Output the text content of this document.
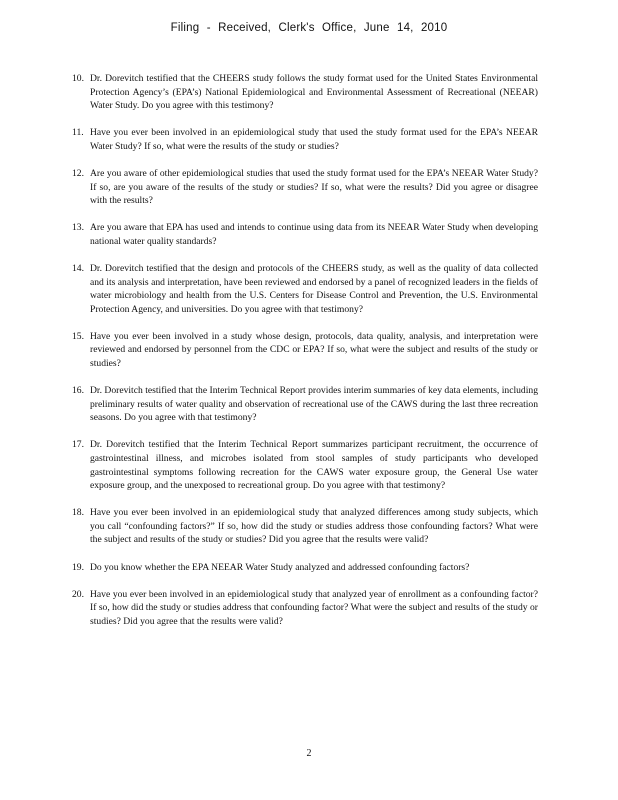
Filing - Received, Clerk's Office, June 14, 2010
10. Dr. Dorevitch testified that the CHEERS study follows the study format used for the United States Environmental Protection Agency’s (EPA’s) National Epidemiological and Environmental Assessment of Recreational (NEEAR) Water Study. Do you agree with this testimony?
11. Have you ever been involved in an epidemiological study that used the study format used for the EPA’s NEEAR Water Study? If so, what were the results of the study or studies?
12. Are you aware of other epidemiological studies that used the study format used for the EPA’s NEEAR Water Study? If so, are you aware of the results of the study or studies? If so, what were the results? Did you agree or disagree with the results?
13. Are you aware that EPA has used and intends to continue using data from its NEEAR Water Study when developing national water quality standards?
14. Dr. Dorevitch testified that the design and protocols of the CHEERS study, as well as the quality of data collected and its analysis and interpretation, have been reviewed and endorsed by a panel of recognized leaders in the fields of water microbiology and health from the U.S. Centers for Disease Control and Prevention, the U.S. Environmental Protection Agency, and universities. Do you agree with that testimony?
15. Have you ever been involved in a study whose design, protocols, data quality, analysis, and interpretation were reviewed and endorsed by personnel from the CDC or EPA? If so, what were the subject and results of the study or studies?
16. Dr. Dorevitch testified that the Interim Technical Report provides interim summaries of key data elements, including preliminary results of water quality and observation of recreational use of the CAWS during the last three recreation seasons. Do you agree with that testimony?
17. Dr. Dorevitch testified that the Interim Technical Report summarizes participant recruitment, the occurrence of gastrointestinal illness, and microbes isolated from stool samples of study participants who developed gastrointestinal symptoms following recreation for the CAWS water exposure group, the General Use water exposure group, and the unexposed to recreational group. Do you agree with that testimony?
18. Have you ever been involved in an epidemiological study that analyzed differences among study subjects, which you call “confounding factors?” If so, how did the study or studies address those confounding factors? What were the subject and results of the study or studies? Did you agree that the results were valid?
19. Do you know whether the EPA NEEAR Water Study analyzed and addressed confounding factors?
20. Have you ever been involved in an epidemiological study that analyzed year of enrollment as a confounding factor? If so, how did the study or studies address that confounding factor? What were the subject and results of the study or studies? Did you agree that the results were valid?
2
